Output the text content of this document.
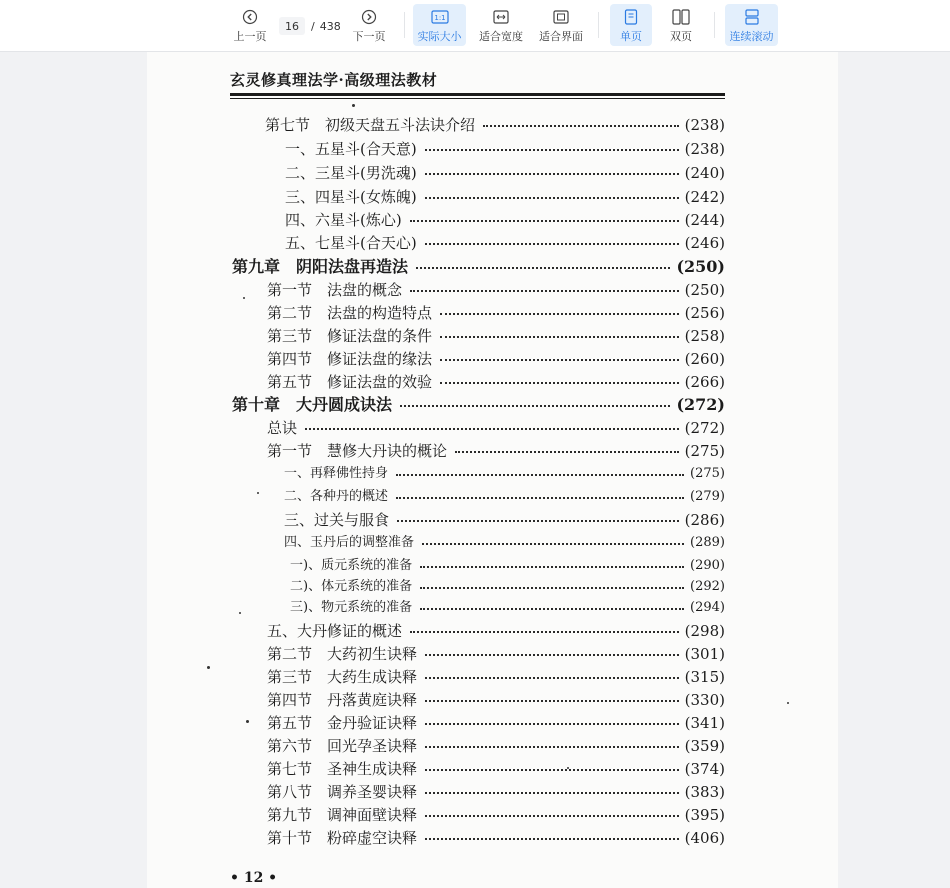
上一页
16
/ 438
下一页
1:1
实际大小 适合宽度 适合界面	单页	双页	连续滚动
玄灵修真理法学·高级理法教材
第七节　初级天盘五斗法诀介绍	(238)
一、五星斗(合天意)	(238)
二、三星斗(男洗魂)	(240)
三、四星斗(女炼魄)	(242)
四、六星斗(炼心)	(244)
五、七星斗(合天心)	(246)
第九章　阴阳法盘再造法	(250)
第一节　法盘的概念	(250)
第二节　法盘的构造特点	(256)
第三节　修证法盘的条件	(258)
第四节　修证法盘的缘法	(260)
第五节　修证法盘的效验	(266)
第十章　大丹圆成诀法	(272)
总诀	(272)
第一节　慧修大丹诀的概论	(275)
一、再释佛性持身	(275)
二、各种丹的概述	(279)
三、过关与服食	(286)
四、玉丹后的调整准备	(289)
一)、质元系统的准备	(290)
二)、体元系统的准备	(292)
三)、物元系统的准备	(294)
五、大丹修证的概述	(298)
第二节　大药初生诀释	(301)
第三节　大药生成诀释	(315)
第四节　丹落黄庭诀释	(330)
第五节　金丹验证诀释	(341)
第六节　回光孕圣诀释	(359)
第七节　圣神生成诀释	(374)
第八节　调养圣婴诀释	(383)
第九节　调神面壁诀释	(395)
第十节　粉碎虚空诀释	(406)
• 12 •
